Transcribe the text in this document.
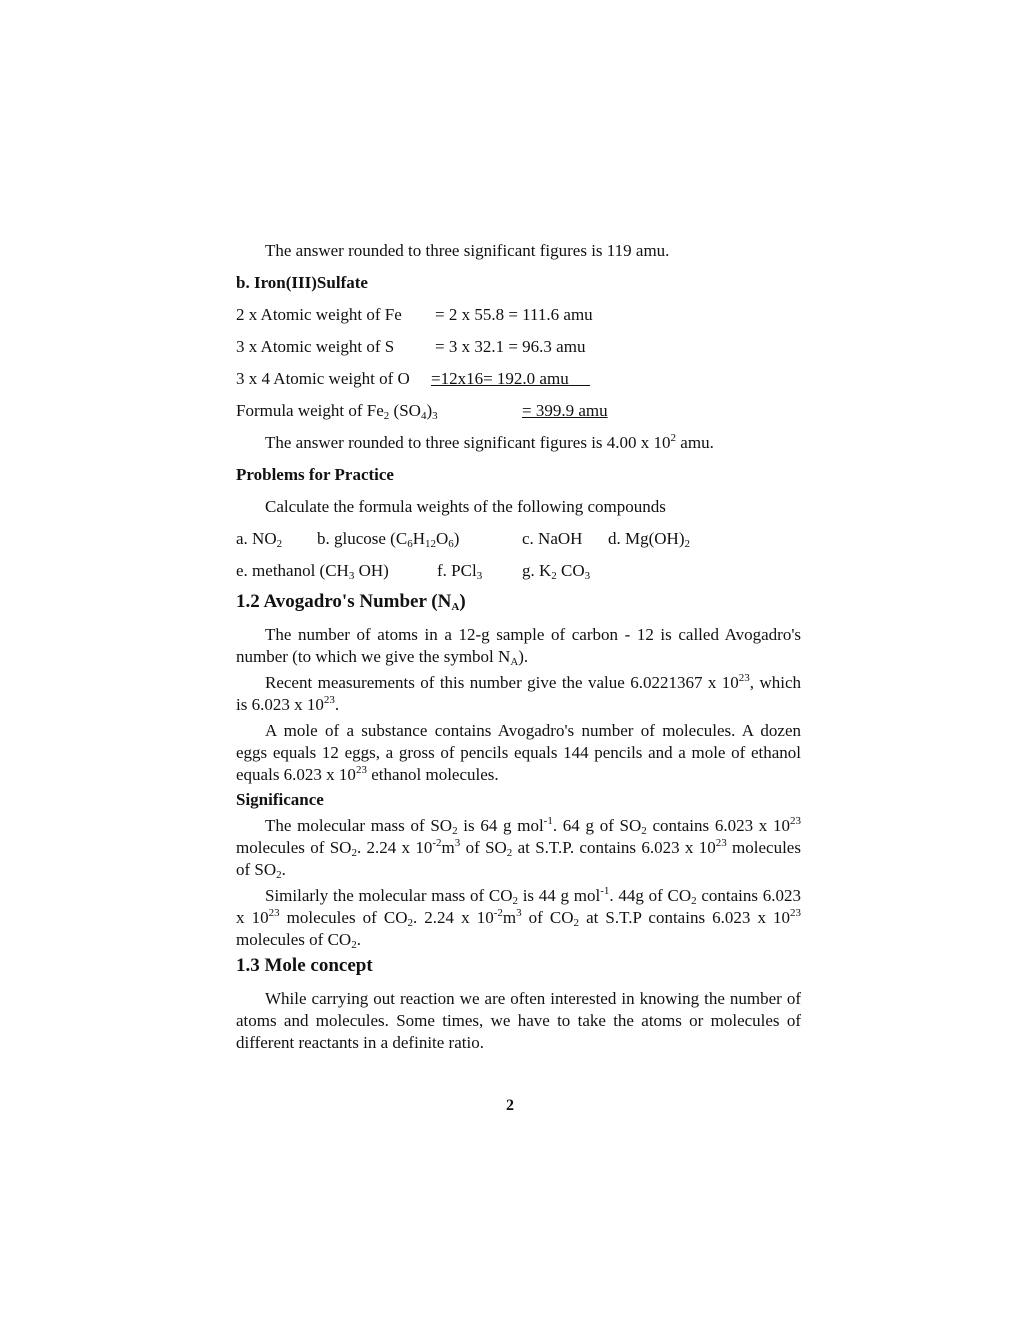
The answer rounded to three significant figures is 119 amu.
b. Iron(III)Sulfate
2 x Atomic weight of Fe = 2 x 55.8 = 111.6 amu
3 x Atomic weight of S = 3 x 32.1 = 96.3 amu
3 x 4 Atomic weight of O =12x16= 192.0 amu
Formula weight of $Fe_2$ $(SO_4)_3$	= 399.9 amu
The answer rounded to three significant figures is 4.00 x $10^2$ amu.
Problems for Practice
Calculate the formula weights of the following compounds
a. $NO_2$ b. glucose $(C_6H_{12}O_6)$	c. NaOH d. $Mg(OH)_2$
e. methanol ($CH_3$ OH)	f. PCl$_3$ g. $K_2$ $CO_3$
1.2 Avogadro's Number $(N_A)$

The number of atoms in a 12-g sample of carbon - 12 is called Avogadro's number (to which we give the symbol $N_A$).

Recent measurements of this number give the value 6.0221367 x $10^{23}$, which is 6.023 x $10^{23}$.

A mole of a substance contains Avogadro's number of molecules. A dozen eggs equals 12 eggs, a gross of pencils equals 144 pencils and a mole of ethanol equals 6.023 x $10^{23}$ ethanol molecules.

Significance

The molecular mass of $SO_2$ is 64 g mol$^{-1}$. 64 g of $SO_2$ contains 6.023 x $10^{23}$ molecules of $SO_2$. 2.24 x $10^{-2}m^3$ of $SO_2$ at S.T.P. contains 6.023 x $10^{23}$ molecules of $SO_2$.

Similarly the molecular mass of $CO_2$ is 44 g mol$^{-1}$. 44g of $CO_2$ contains 6.023 x $10^{23}$ molecules of $CO_2$. 2.24 x $10^{-2}m^3$ of $CO_2$ at S.T.P contains 6.023 x $10^{23}$ molecules of $CO_2$.

1.3 Mole concept

While carrying out reaction we are often interested in knowing the number of atoms and molecules. Some times, we have to take the atoms or molecules of different reactants in a definite ratio.

2
